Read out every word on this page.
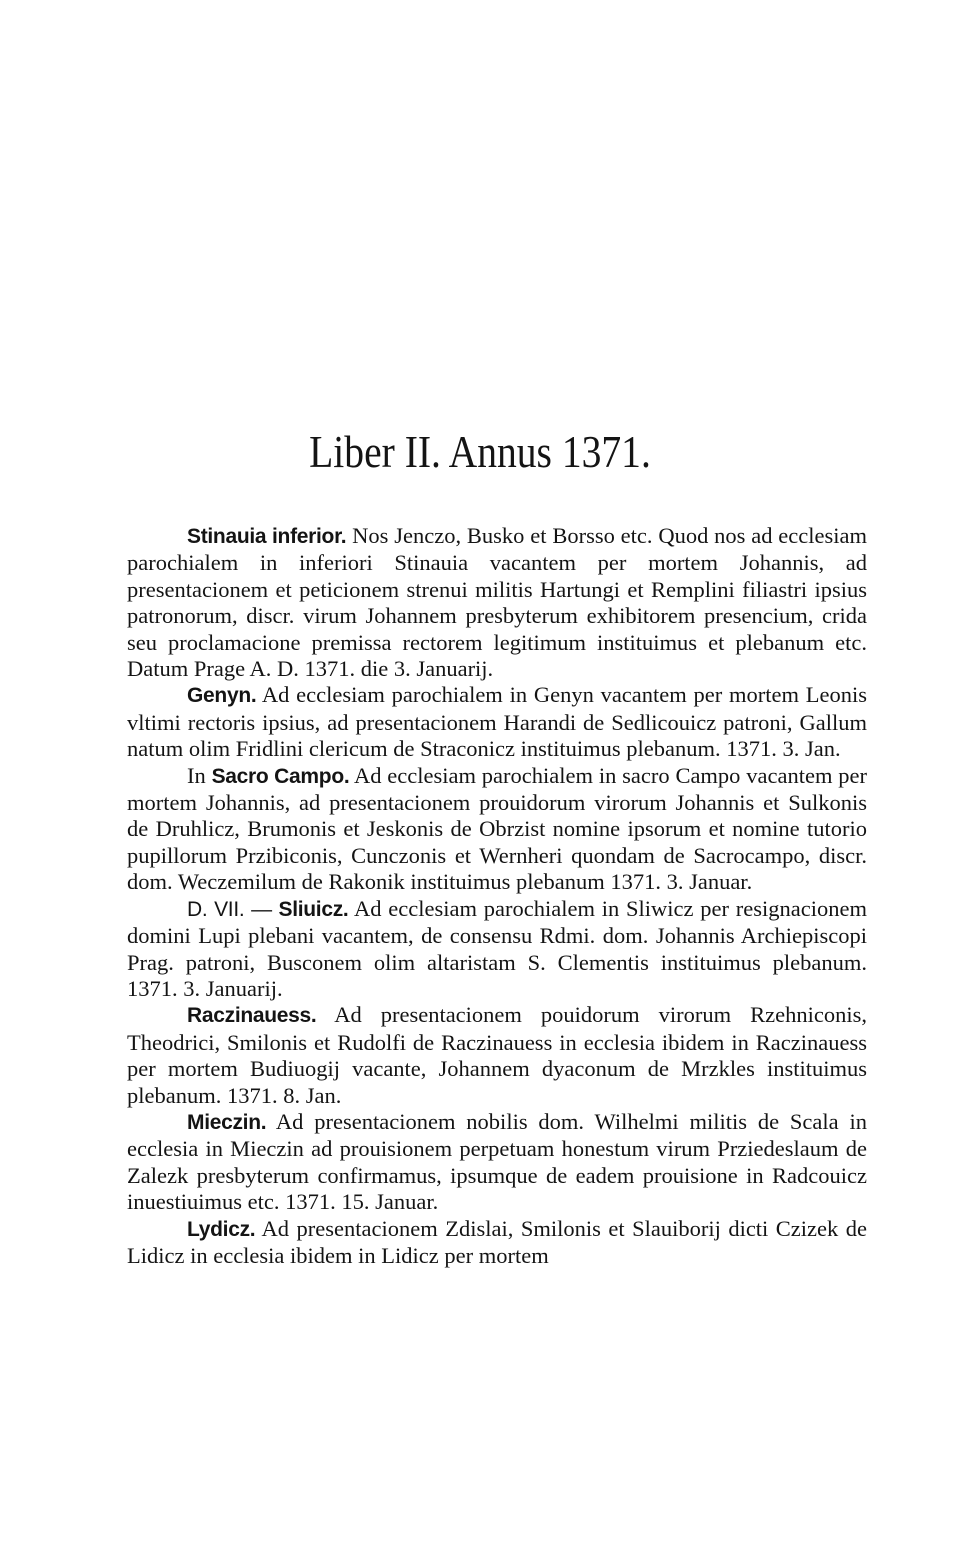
Liber II. Annus 1371.

Stinauia inferior. Nos Jenczo, Busko et Borsso etc. Quod nos ad ecclesiam parochialem in inferiori Stinauia vacantem per mortem Johannis, ad presentacionem et peticionem strenui militis Hartungi et Remplini filiastri ipsius patronorum, discr. virum Johannem presbyterum exhibitorem presencium, crida seu proclamacione premissa rectorem legitimum instituimus et plebanum etc. Datum Prage A. D. 1371. die 3. Januarij.

Genyn. Ad ecclesiam parochialem in Genyn vacantem per mortem Leonis vltimi rectoris ipsius, ad presentacionem Harandi de Sedlicouicz patroni, Gallum natum olim Fridlini clericum de Straconicz instituimus plebanum. 1371. 3. Jan.

In Sacro Campo. Ad ecclesiam parochialem in sacro Campo vacantem per mortem Johannis, ad presentacionem prouidorum virorum Johannis et Sulkonis de Druhlicz, Brumonis et Jeskonis de Obrzist nomine ipsorum et nomine tutorio pupillorum Przibiconis, Cunczonis et Wernheri quondam de Sacrocampo, discr. dom. Weczemilum de Rakonik instituimus plebanum 1371. 3. Januar.

D. VII. — Sliuicz. Ad ecclesiam parochialem in Sliwicz per resignacionem domini Lupi plebani vacantem, de consensu Rdmi. dom. Johannis Archiepiscopi Prag. patroni, Busconem olim altaristam S. Clementis instituimus plebanum. 1371. 3. Januarij.

Raczinauess. Ad presentacionem pouidorum virorum Rzehniconis, Theodrici, Smilonis et Rudolfi de Raczinauess in ecclesia ibidem in Raczinauess per mortem Budiuogij vacante, Johannem dyaconum de Mrzkles instituimus plebanum. 1371. 8. Jan.

Mieczin. Ad presentacionem nobilis dom. Wilhelmi militis de Scala in ecclesia in Mieczin ad prouisionem perpetuam honestum virum Prziedeslaum de Zalezk presbyterum confirmamus, ipsumque de eadem prouisione in Radcouicz inuestiuimus etc. 1371. 15. Januar.

Lydicz. Ad presentacionem Zdislai, Smilonis et Slauiborij dicti Czizek de Lidicz in ecclesia ibidem in Lidicz per mortem
